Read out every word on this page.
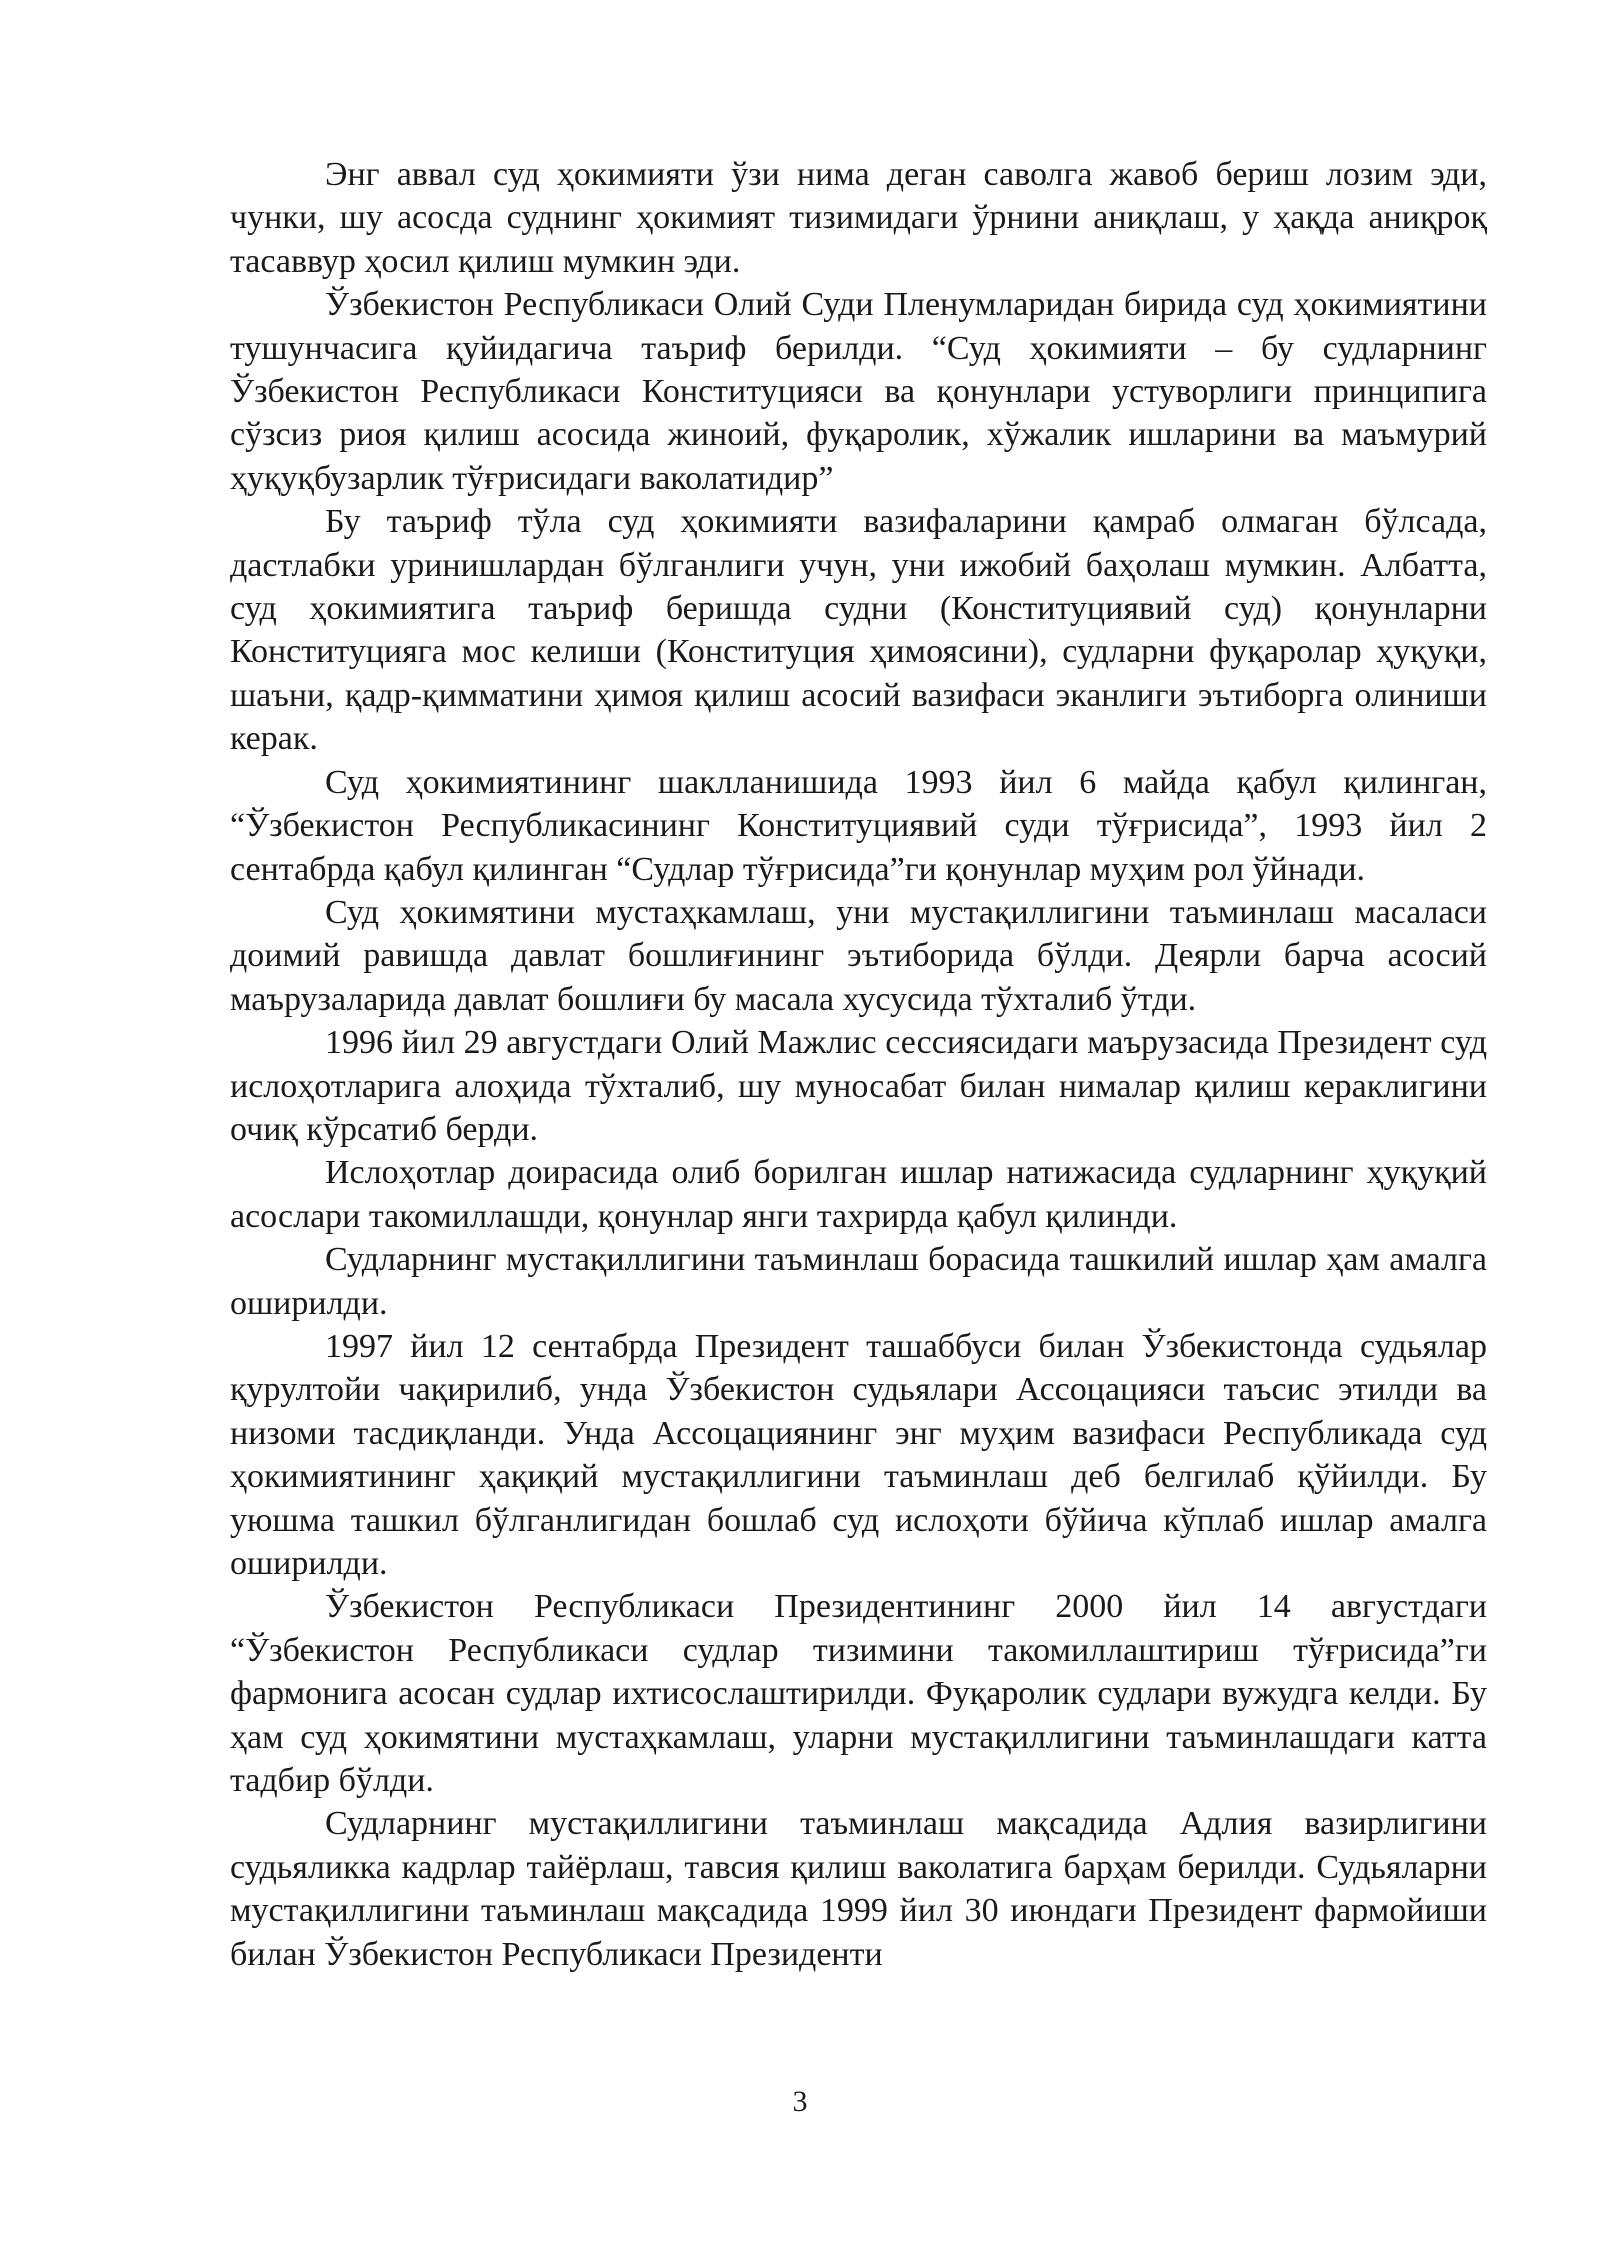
Энг аввал суд ҳокимияти ўзи нима деган саволга жавоб бериш лозим эди, чунки, шу асосда суднинг ҳокимият тизимидаги ўрнини аниқлаш, у ҳақда аниқроқ тасаввур ҳосил қилиш мумкин эди.

Ўзбекистон Республикаси Олий Суди Пленумларидан бирида суд ҳокимиятини тушунчасига қуйидагича таъриф берилди. “Суд ҳокимияти – бу судларнинг Ўзбекистон Республикаси Конституцияси ва қонунлари устуворлиги принципига сўзсиз риоя қилиш асосида жиноий, фуқаролик, хўжалик ишларини ва маъмурий ҳуқуқбузарлик тўғрисидаги ваколатидир”

Бу таъриф тўла суд ҳокимияти вазифаларини қамраб олмаган бўлсада, дастлабки уринишлардан бўлганлиги учун, уни ижобий баҳолаш мумкин. Албатта, суд ҳокимиятига таъриф беришда судни (Конституциявий суд) қонунларни Конституцияга мос келиши (Конституция ҳимоясини), судларни фуқаролар ҳуқуқи, шаъни, қадр-қимматини ҳимоя қилиш асосий вазифаси эканлиги эътиборга олиниши керак.

Суд ҳокимиятининг шаклланишида 1993 йил 6 майда қабул қилинган, “Ўзбекистон Республикасининг Конституциявий суди тўғрисида”, 1993 йил 2 сентабрда қабул қилинган “Судлар тўғрисида”ги қонунлар муҳим рол ўйнади.

Суд ҳокимятини мустаҳкамлаш, уни мустақиллигини таъминлаш масаласи доимий равишда давлат бошлиғининг эътиборида бўлди. Деярли барча асосий маърузаларида давлат бошлиғи бу масала хусусида тўхталиб ўтди.

1996 йил 29 августдаги Олий Мажлис сессиясидаги маърузасида Президент суд ислоҳотларига алоҳида тўхталиб, шу муносабат билан нималар қилиш кераклигини очиқ кўрсатиб берди.

Ислоҳотлар доирасида олиб борилган ишлар натижасида судларнинг ҳуқуқий асослари такомиллашди, қонунлар янги тахрирда қабул қилинди.

Судларнинг мустақиллигини таъминлаш борасида ташкилий ишлар ҳам амалга оширилди.

1997 йил 12 сентабрда Президент ташаббуси билан Ўзбекистонда судьялар қурултойи чақирилиб, унда Ўзбекистон судьялари Ассоцацияси таъсис этилди ва низоми тасдиқланди. Унда Ассоцациянинг энг муҳим вазифаси Республикада суд ҳокимиятининг ҳақиқий мустақиллигини таъминлаш деб белгилаб қўйилди. Бу уюшма ташкил бўлганлигидан бошлаб суд ислоҳоти бўйича кўплаб ишлар амалга оширилди.

Ўзбекистон Республикаси Президентининг 2000 йил 14 августдаги “Ўзбекистон Республикаси судлар тизимини такомиллаштириш тўғрисида”ги фармонига асосан судлар ихтисослаштирилди. Фуқаролик судлари вужудга келди. Бу ҳам суд ҳокимятини мустаҳкамлаш, уларни мустақиллигини таъминлашдаги катта тадбир бўлди.

Судларнинг мустақиллигини таъминлаш мақсадида Адлия вазирлигини судьяликка кадрлар тайёрлаш, тавсия қилиш ваколатига барҳам берилди. Судьяларни мустақиллигини таъминлаш мақсадида 1999 йил 30 июндаги Президент фармойиши билан Ўзбекистон Республикаси Президенти

3
